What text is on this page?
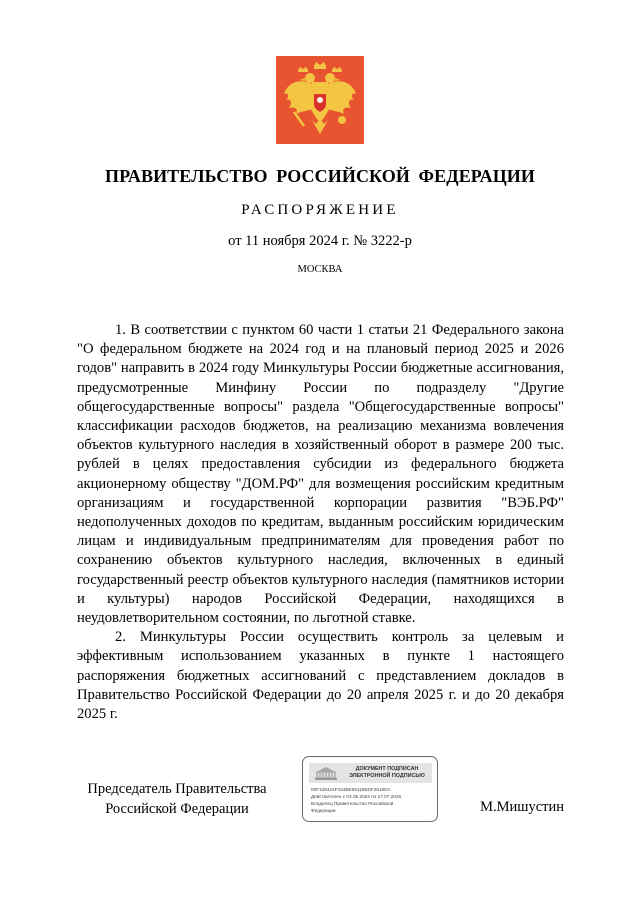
ПРАВИТЕЛЬСТВО РОССИЙСКОЙ ФЕДЕРАЦИИ
РАСПОРЯЖЕНИЕ
от 11 ноября 2024 г. № 3222-р
МОСКВА

1. В соответствии с пунктом 60 части 1 статьи 21 Федерального закона "О федеральном бюджете на 2024 год и на плановый период 2025 и 2026 годов" направить в 2024 году Минкультуры России бюджетные ассигнования, предусмотренные Минфину России по подразделу "Другие общегосударственные вопросы" раздела "Общегосударственные вопросы" классификации расходов бюджетов, на реализацию механизма вовлечения объектов культурного наследия в хозяйственный оборот в размере 200 тыс. рублей в целях предоставления субсидии из федерального бюджета акционерному обществу "ДОМ.РФ" для возмещения российским кредитным организациям и государственной корпорации развития "ВЭБ.РФ" недополученных доходов по кредитам, выданным российским юридическим лицам и индивидуальным предпринимателям для проведения работ по сохранению объектов культурного наследия, включенных в единый государственный реестр объектов культурного наследия (памятников истории и культуры) народов Российской Федерации, находящихся в неудовлетворительном состоянии, по льготной ставке.

2. Минкультуры России осуществить контроль за целевым и эффективным использованием указанных в пункте 1 настоящего распоряжения бюджетных ассигнований с представлением докладов в Правительство Российской Федерации до 20 апреля 2025 г. и до 20 декабря 2025 г.

Председатель Правительства
Российской Федерации
ДОКУМЕНТ ПОДПИСАН
ЭЛЕКТРОННОЙ ПОДПИСЬЮ
00F128424F424BE5911B6DF2616DA
Действителен с 03.05.2024 по 27.07.2025
Владелец Правительство Российской
Федерации	М.Мишустин
